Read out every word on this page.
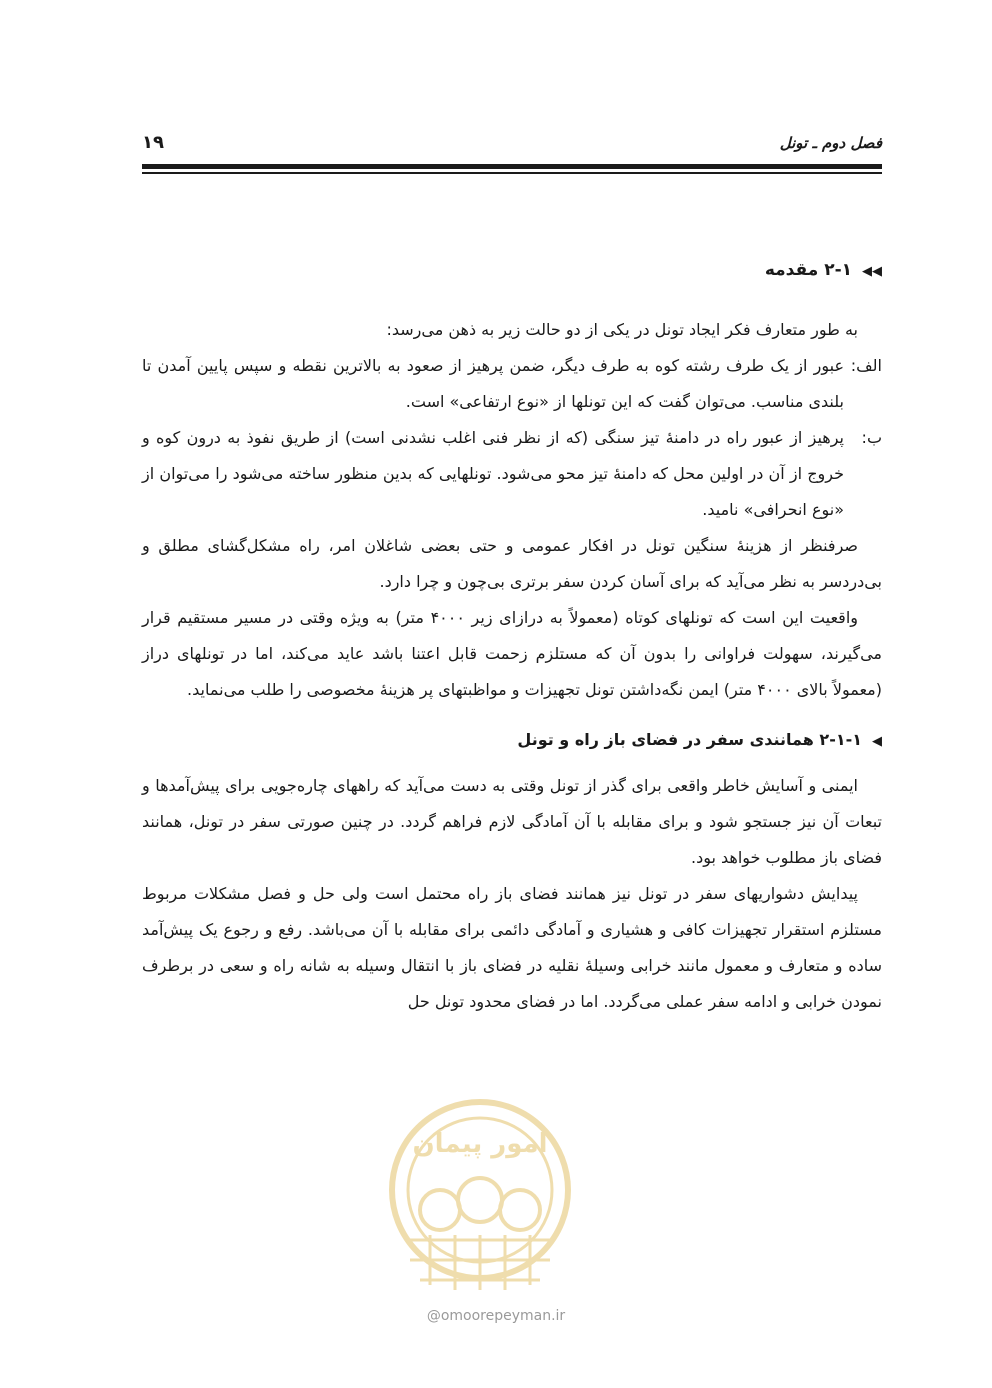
فصل دوم ـ تونل
۱۹
◀◀۲-۱ مقدمه

به طور متعارف فکر ایجاد تونل در یکی از دو حالت زیر به ذهن می‌رسد:

الف:

عبور از یک طرف رشته کوه به طرف دیگر، ضمن پرهیز از صعود به بالاترین نقطه و سپس پایین آمدن تا بلندی مناسب. می‌توان گفت که این تونلها از «نوع ارتفاعی» است.

ب:

پرهیز از عبور راه در دامنهٔ تیز سنگی (که از نظر فنی اغلب نشدنی است) از طریق نفوذ به درون کوه و خروج از آن در اولین محل که دامنهٔ تیز محو می‌شود. تونلهایی که بدین منظور ساخته می‌شود را می‌توان از «نوع انحرافی» نامید.

صرفنظر از هزینهٔ سنگین تونل در افکار عمومی و حتی بعضی شاغلان امر، راه مشکل‌گشای مطلق و بی‌دردسر به نظر می‌آید که برای آسان کردن سفر برتری بی‌چون و چرا دارد.

واقعیت این است که تونلهای کوتاه (معمولاً به درازای زیر ۴۰۰۰ متر) به ویژه وقتی در مسیر مستقیم قرار می‌گیرند، سهولت فراوانی را بدون آن که مستلزم زحمت قابل اعتنا باشد عاید می‌کند، اما در تونلهای دراز (معمولاً بالای ۴۰۰۰ متر) ایمن نگه‌داشتن تونل تجهیزات و مواظبتهای پر هزینهٔ مخصوصی را طلب می‌نماید.

◀۲-۱-۱ همانندی سفر در فضای باز راه و تونل

ایمنی و آسایش خاطر واقعی برای گذر از تونل وقتی به دست می‌آید که راههای چاره‌جویی برای پیش‌آمدها و تبعات آن نیز جستجو شود و برای مقابله با آن آمادگی لازم فراهم گردد. در چنین صورتی سفر در تونل، همانند فضای باز مطلوب خواهد بود.

پیدایش دشواریهای سفر در تونل نیز همانند فضای باز راه محتمل است ولی حل و فصل مشکلات مربوط مستلزم استقرار تجهیزات کافی و هشیاری و آمادگی دائمی برای مقابله با آن می‌باشد. رفع و رجوع یک پیش‌آمد ساده و متعارف و معمول مانند خرابی وسیلهٔ نقلیه در فضای باز با انتقال وسیله به شانه راه و سعی در برطرف نمودن خرابی و ادامه سفر عملی می‌گردد. اما در فضای محدود تونل حل

امور پیمان
@omoorepeyman.ir
